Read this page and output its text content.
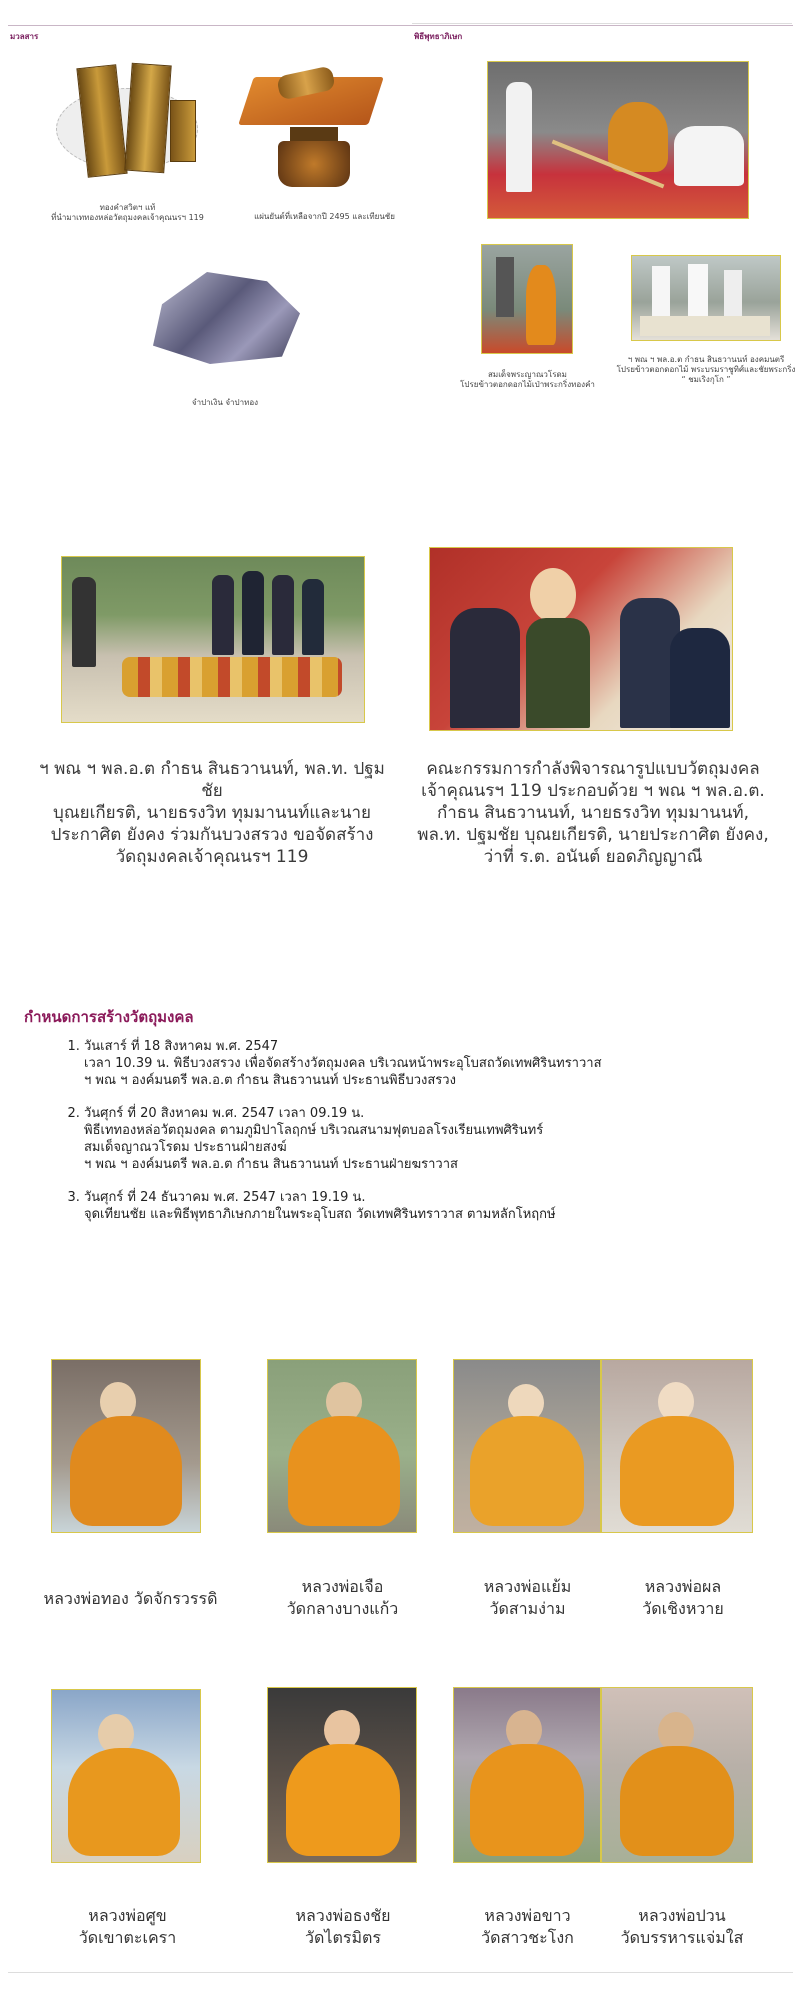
มวลสาร
ทองคำสวิตฯ แท้
ที่นำมาเททองหล่อวัตถุมงคลเจ้าคุณนรฯ 119	แผ่นยันต์ที่เหลือจากปี 2495 และเทียนชัย
จำปาเงิน จำปาทอง
พิธีพุทธาภิเษก
สมเด็จพระญาณวโรดม
โปรยข้าวตอกดอกไม้เป่าพระกริ่งทองคำ
ฯ พณ ฯ พล.อ.ต กำธน สินธวานนท์ องคมนตรี
โปรยข้าวตอกดอกไม้ พระบรมราชูทิศ์และชัยพระกริ่ง
“ ชมเริงกุโก ”
ฯ พณ ฯ พล.อ.ต กำธน สินธวานนท์, พล.ท. ปฐมชัย
บุณยเกียรติ, นายธรงวิท ทุมมานนท์และนายประกาศิต ยังคง ร่วมกันบวงสรวง ขอจัดสร้าง
วัดถุมงคลเจ้าคุณนรฯ 119
คณะกรรมการกำลังพิจารณารูปแบบวัตถุมงคล
เจ้าคุณนรฯ 119 ประกอบด้วย ฯ พณ ฯ พล.อ.ต.
กำธน สินธวานนท์, นายธรงวิท ทุมมานนท์,
พล.ท. ปฐมชัย บุณยเกียรติ, นายประกาศิต ยังคง,
ว่าที่ ร.ต. อนันต์ ยอดภิญญาณี
กำหนดการสร้างวัตถุมงคล
1. วันเสาร์ ที่ 18 สิงหาคม พ.ศ. 2547
เวลา 10.39 น. พิธีบวงสรวง เพื่อจัดสร้างวัตถุมงคล บริเวณหน้าพระอุโบสถวัดเทพศิรินทราวาส
ฯ พณ ฯ องค์มนตรี พล.อ.ต กำธน สินธวานนท์ ประธานพิธีบวงสรวง
2. วันศุกร์ ที่ 20 สิงหาคม พ.ศ. 2547 เวลา 09.19 น.
พิธีเททองหล่อวัตถุมงคล ตามภูมิปาโลฤกษ์ บริเวณสนามฟุตบอลโรงเรียนเทพศิรินทร์
สมเด็จญาณวโรดม ประธานฝ่ายสงฆ์
ฯ พณ ฯ องค์มนตรี พล.อ.ต กำธน สินธวานนท์ ประธานฝ่ายฆราวาส
3. วันศุกร์ ที่ 24 ธันวาคม พ.ศ. 2547 เวลา 19.19 น.
จุดเทียนชัย และพิธีพุทธาภิเษกภายในพระอุโบสถ วัดเทพศิรินทราวาส ตามหลักโหฤกษ์
หลวงพ่อทอง วัดจักรวรรดิ
หลวงพ่อเจือ
วัดกลางบางแก้ว
หลวงพ่อแย้ม
วัดสามง่าม
หลวงพ่อผล
วัดเชิงหวาย
หลวงพ่อศูข
วัดเขาตะเครา
หลวงพ่อธงชัย
วัดไตรมิตร
หลวงพ่อขาว
วัดสาวชะโงก
หลวงพ่อปวน
วัดบรรหารแจ่มใส
